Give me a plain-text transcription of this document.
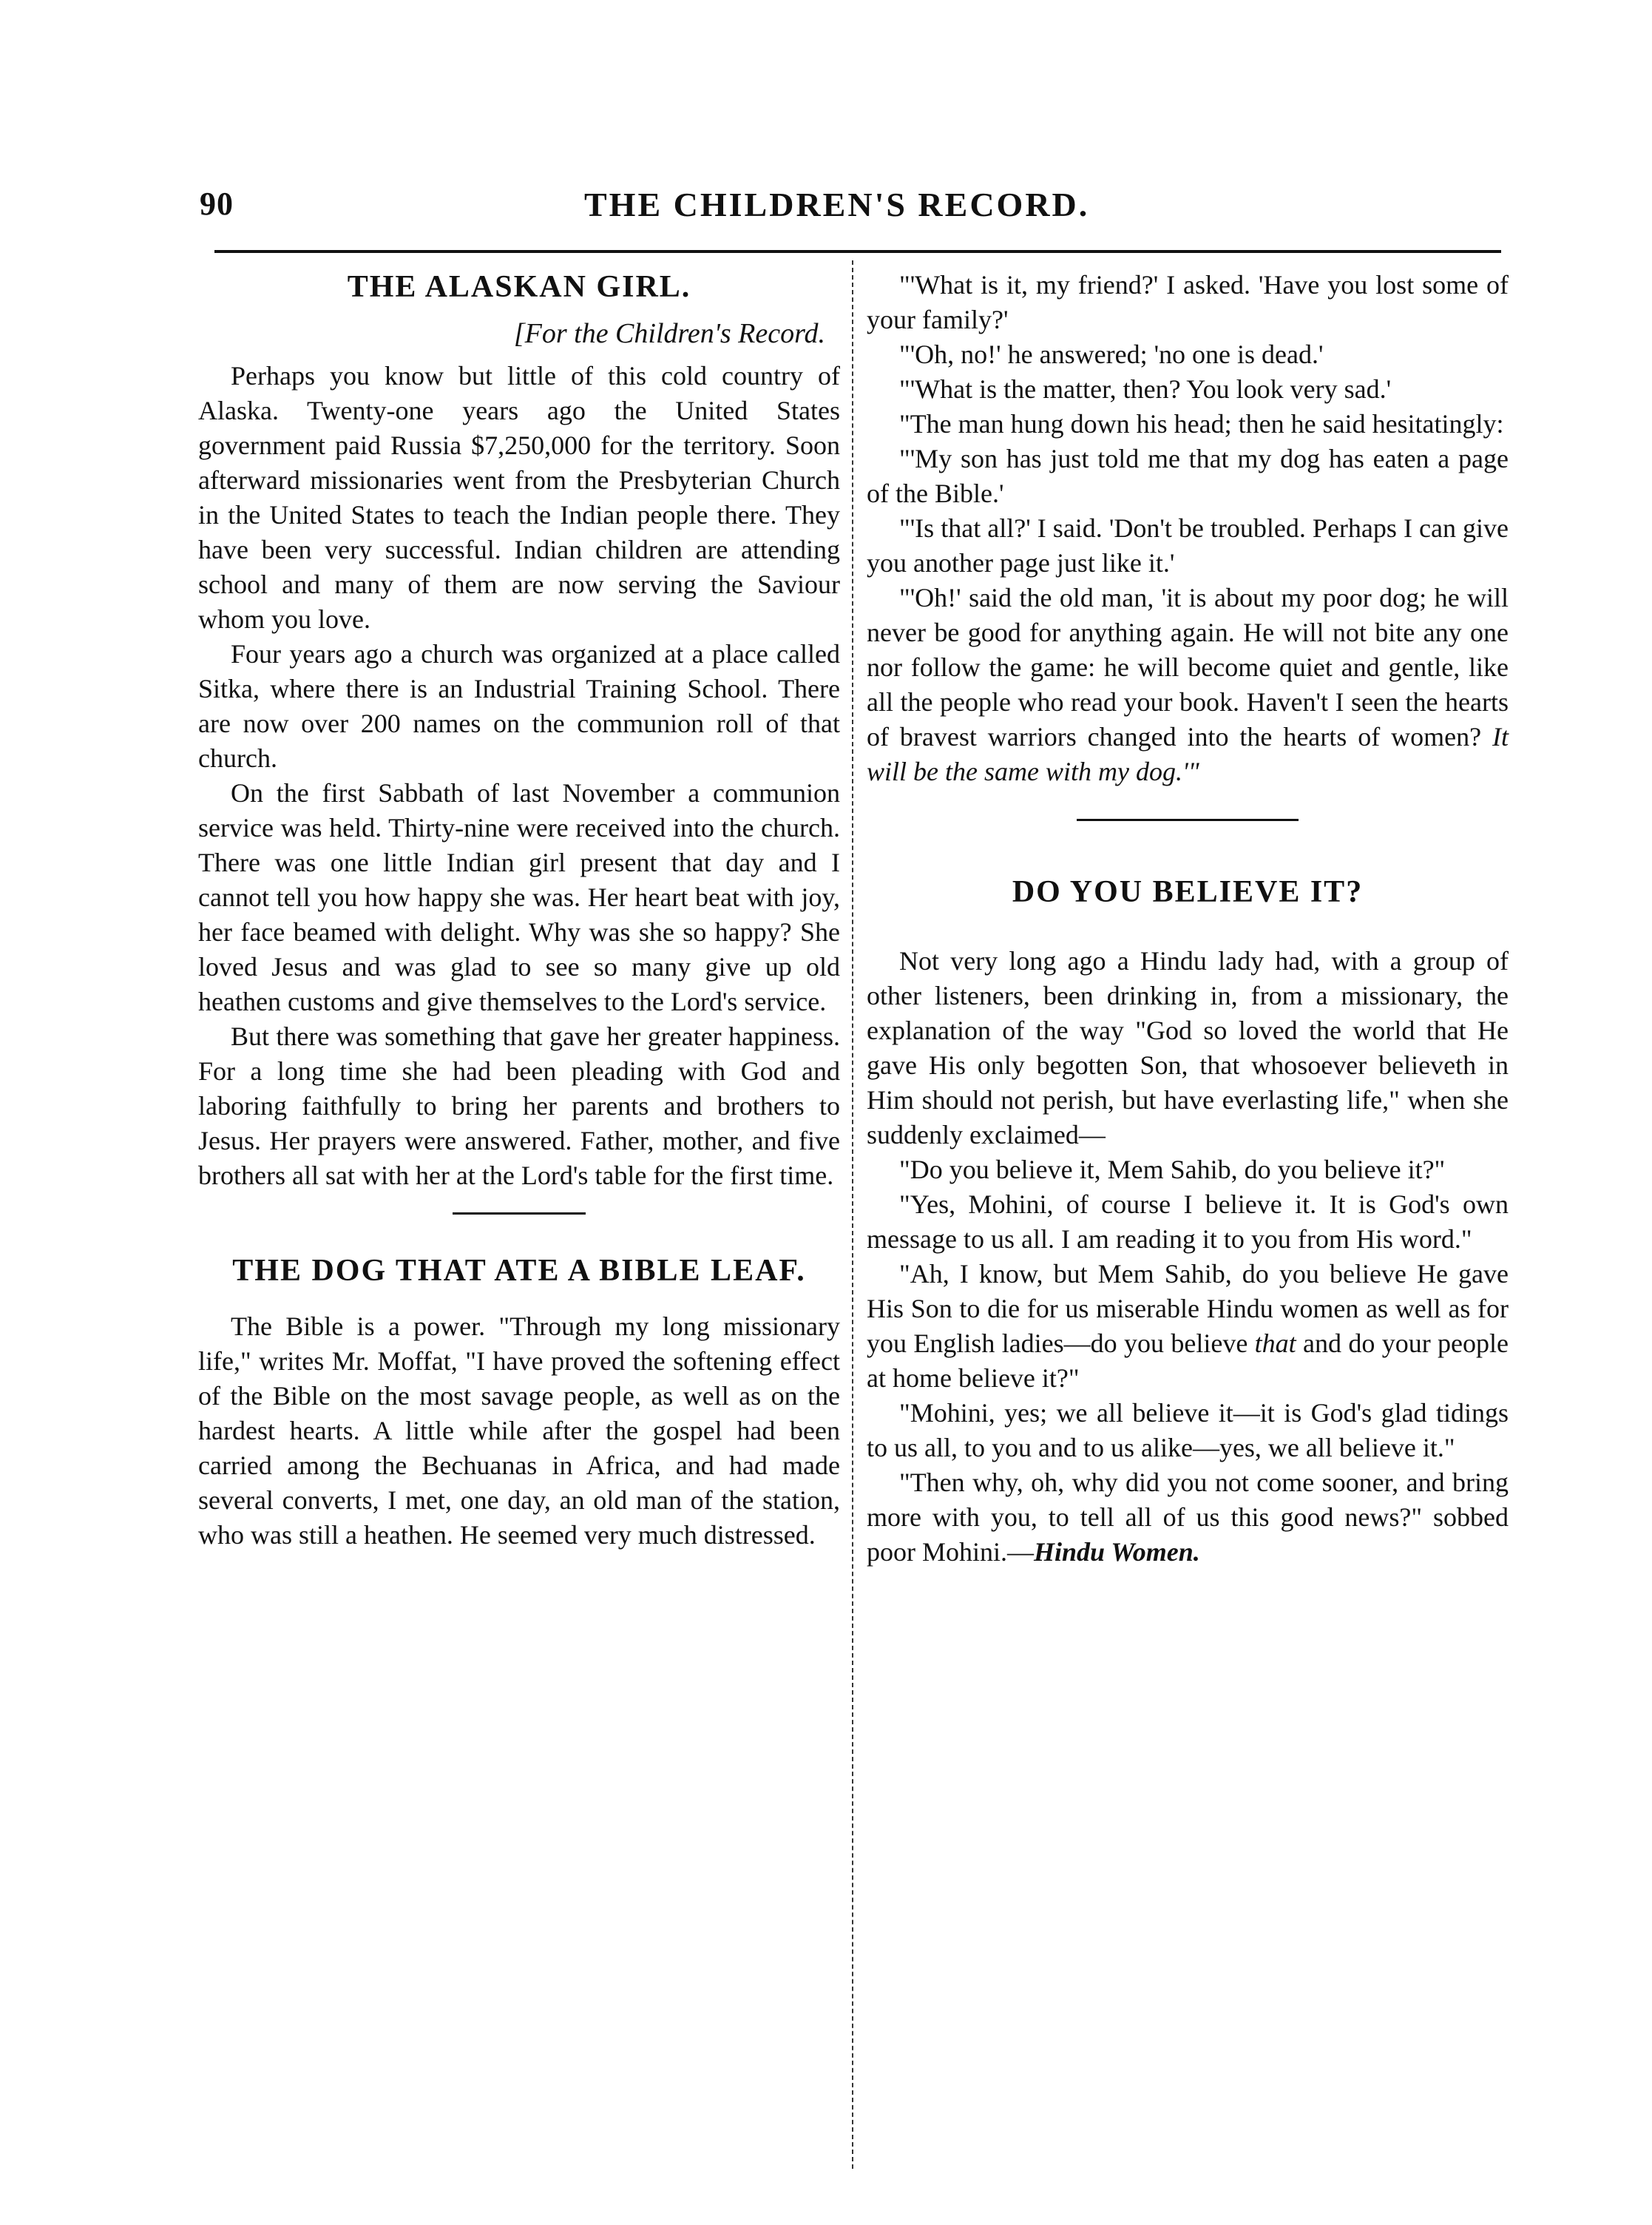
90	THE CHILDREN'S RECORD.
THE ALASKAN GIRL.
[For the Children's Record.

Perhaps you know but little of this cold country of Alaska. Twenty-one years ago the United States government paid Russia $7,250,000 for the territory. Soon afterward missionaries went from the Presbyterian Church in the United States to teach the Indian people there. They have been very successful. Indian children are attending school and many of them are now serving the Saviour whom you love.

Four years ago a church was organized at a place called Sitka, where there is an Industrial Training School. There are now over 200 names on the communion roll of that church.

On the first Sabbath of last November a communion service was held. Thirty-nine were received into the church. There was one little Indian girl present that day and I cannot tell you how happy she was. Her heart beat with joy, her face beamed with delight. Why was she so happy? She loved Jesus and was glad to see so many give up old heathen customs and give themselves to the Lord's service.

But there was something that gave her greater happiness. For a long time she had been pleading with God and laboring faithfully to bring her parents and brothers to Jesus. Her prayers were answered. Father, mother, and five brothers all sat with her at the Lord's table for the first time.

THE DOG THAT ATE A BIBLE LEAF.

The Bible is a power. "Through my long missionary life," writes Mr. Moffat, "I have proved the softening effect of the Bible on the most savage people, as well as on the hardest hearts. A little while after the gospel had been carried among the Bechuanas in Africa, and had made several converts, I met, one day, an old man of the station, who was still a heathen. He seemed very much distressed.

"'What is it, my friend?' I asked. 'Have you lost some of your family?'

"'Oh, no!' he answered; 'no one is dead.'

"'What is the matter, then? You look very sad.'

"The man hung down his head; then he said hesitatingly:

"'My son has just told me that my dog has eaten a page of the Bible.'

"'Is that all?' I said. 'Don't be troubled. Perhaps I can give you another page just like it.'

"'Oh!' said the old man, 'it is about my poor dog; he will never be good for anything again. He will not bite any one nor follow the game: he will become quiet and gentle, like all the people who read your book. Haven't I seen the hearts of bravest warriors changed into the hearts of women? It will be the same with my dog.'"

DO YOU BELIEVE IT?

Not very long ago a Hindu lady had, with a group of other listeners, been drinking in, from a missionary, the explanation of the way "God so loved the world that He gave His only begotten Son, that whosoever believeth in Him should not perish, but have everlasting life," when she suddenly exclaimed—

"Do you believe it, Mem Sahib, do you believe it?"

"Yes, Mohini, of course I believe it. It is God's own message to us all. I am reading it to you from His word."

"Ah, I know, but Mem Sahib, do you believe He gave His Son to die for us miserable Hindu women as well as for you English ladies—do you believe that and do your people at home believe it?"

"Mohini, yes; we all believe it—it is God's glad tidings to us all, to you and to us alike—yes, we all believe it."

"Then why, oh, why did you not come sooner, and bring more with you, to tell all of us this good news?" sobbed poor Mohini.—Hindu Women.
